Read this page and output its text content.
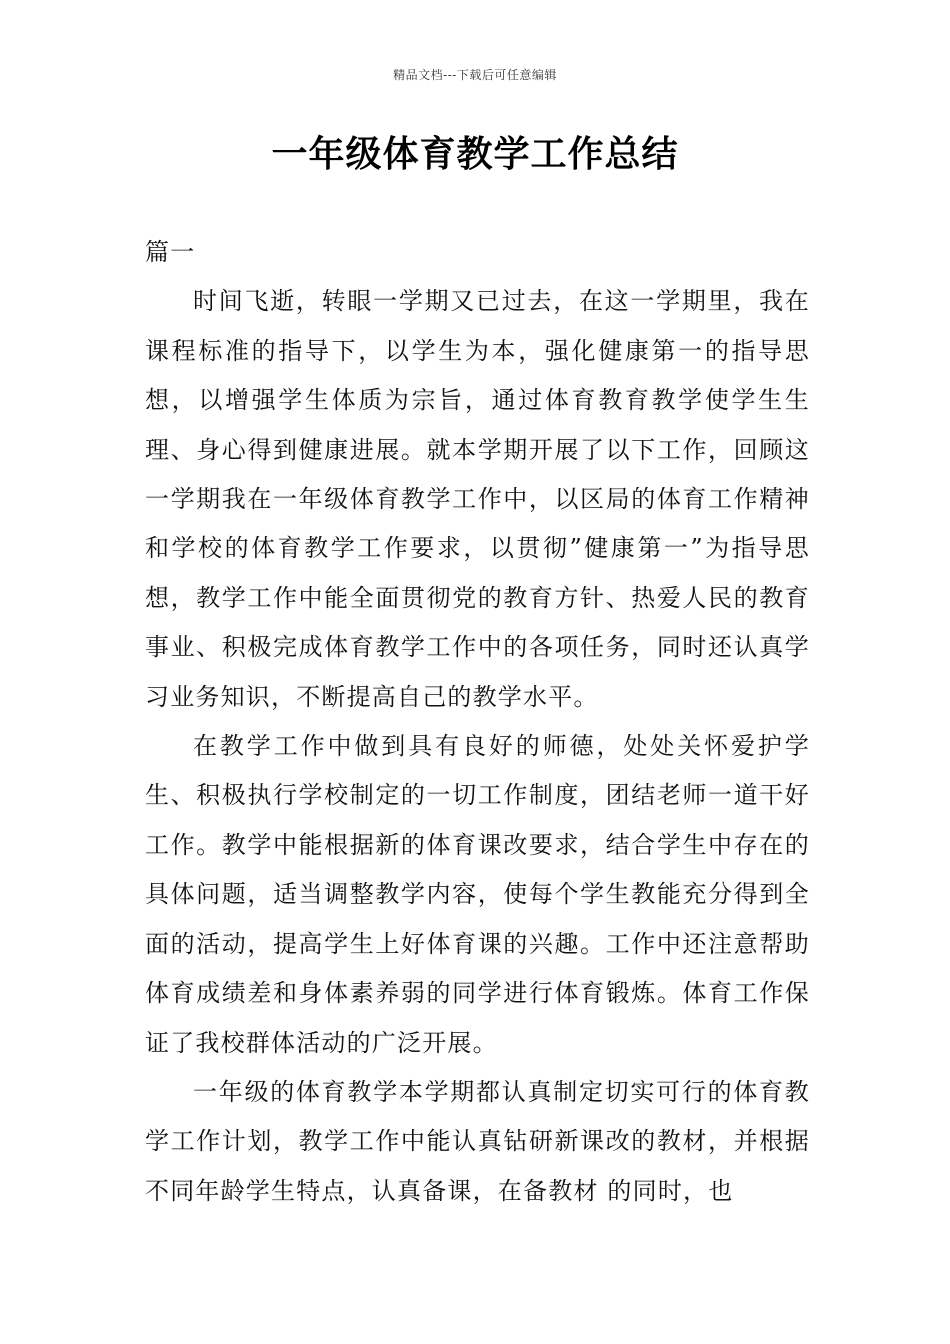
精品文档---下载后可任意编辑
一年级体育教学工作总结

篇一

时间飞逝，转眼一学期又已过去，在这一学期里，我在课程标准的指导下，以学生为本，强化健康第一的指导思想，以增强学生体质为宗旨，通过体育教育教学使学生生理、身心得到健康进展。就本学期开展了以下工作，回顾这一学期我在一年级体育教学工作中，以区局的体育工作精神和学校的体育教学工作要求，以贯彻”健康第一”为指导思想，教学工作中能全面贯彻党的教育方针、热爱人民的教育事业、积极完成体育教学工作中的各项任务，同时还认真学习业务知识，不断提高自己的教学水平。

在教学工作中做到具有良好的师德，处处关怀爱护学生、积极执行学校制定的一切工作制度，团结老师一道干好工作。教学中能根据新的体育课改要求，结合学生中存在的具体问题，适当调整教学内容，使每个学生教能充分得到全面的活动，提高学生上好体育课的兴趣。工作中还注意帮助体育成绩差和身体素养弱的同学进行体育锻炼。体育工作保证了我校群体活动的广泛开展。

一年级的体育教学本学期都认真制定切实可行的体育教学工作计划，教学工作中能认真钻研新课改的教材，并根据不同年龄学生特点，认真备课，在备教材 的同时，也
